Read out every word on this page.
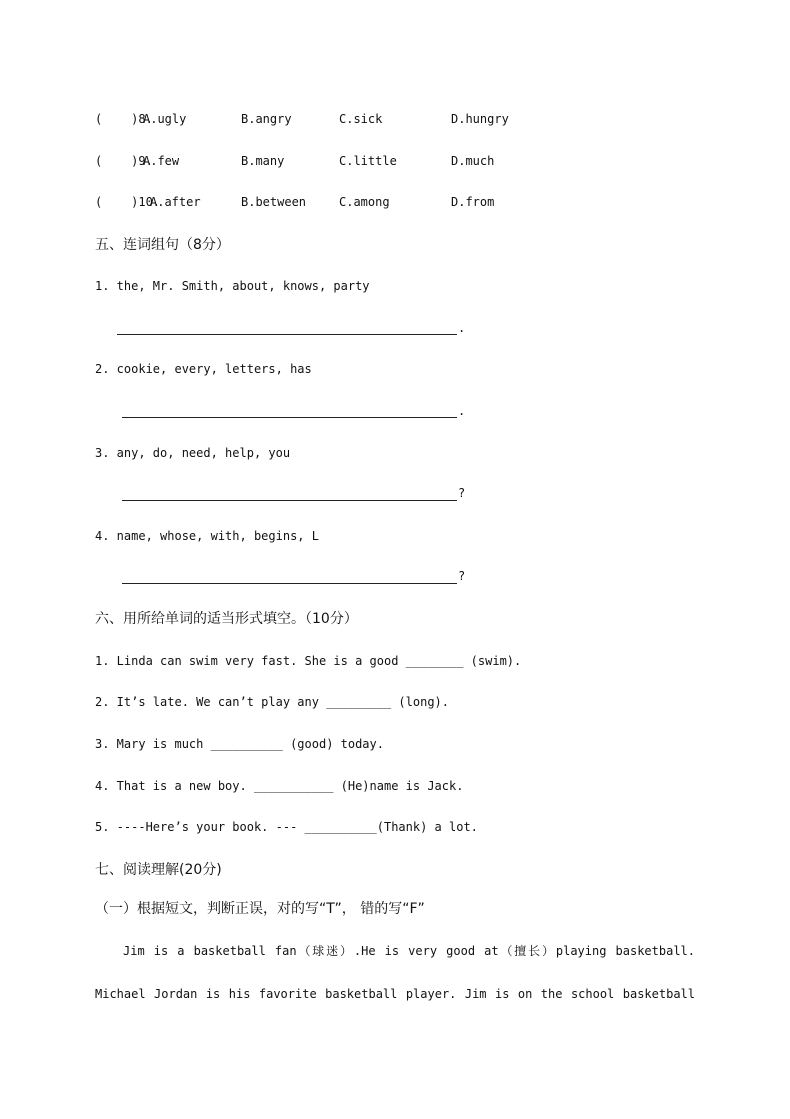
(    )8.
A.ugly	B.angry	C.sick	D.hungry
(    )9.
A.few	B.many	C.little	D.much
(    )10.
A.after	B.between	C.among	D.from
五、连词组句（8分）
1. the, Mr. Smith, about, knows, party
.
2. cookie, every, letters, has
.
3. any, do, need, help, you
?
4. name, whose, with, begins, L
?
六、用所给单词的适当形式填空。（10分）
1. Linda can swim very fast. She is a good ________ (swim).
2. It’s late. We can’t play any _________ (long).
3. Mary is much __________ (good) today.
4. That is a new boy. ___________ (He)name is Jack.
5. ----Here’s your book. --- __________(Thank) a lot.
七、阅读理解(20分)
（一）根据短文，判断正误，对的写“T”， 错的写“F”
Jim is a basketball fan（球迷）.He is very good at（擅长）playing basketball.
Michael Jordan is his favorite basketball player. Jim is on the school basketball
